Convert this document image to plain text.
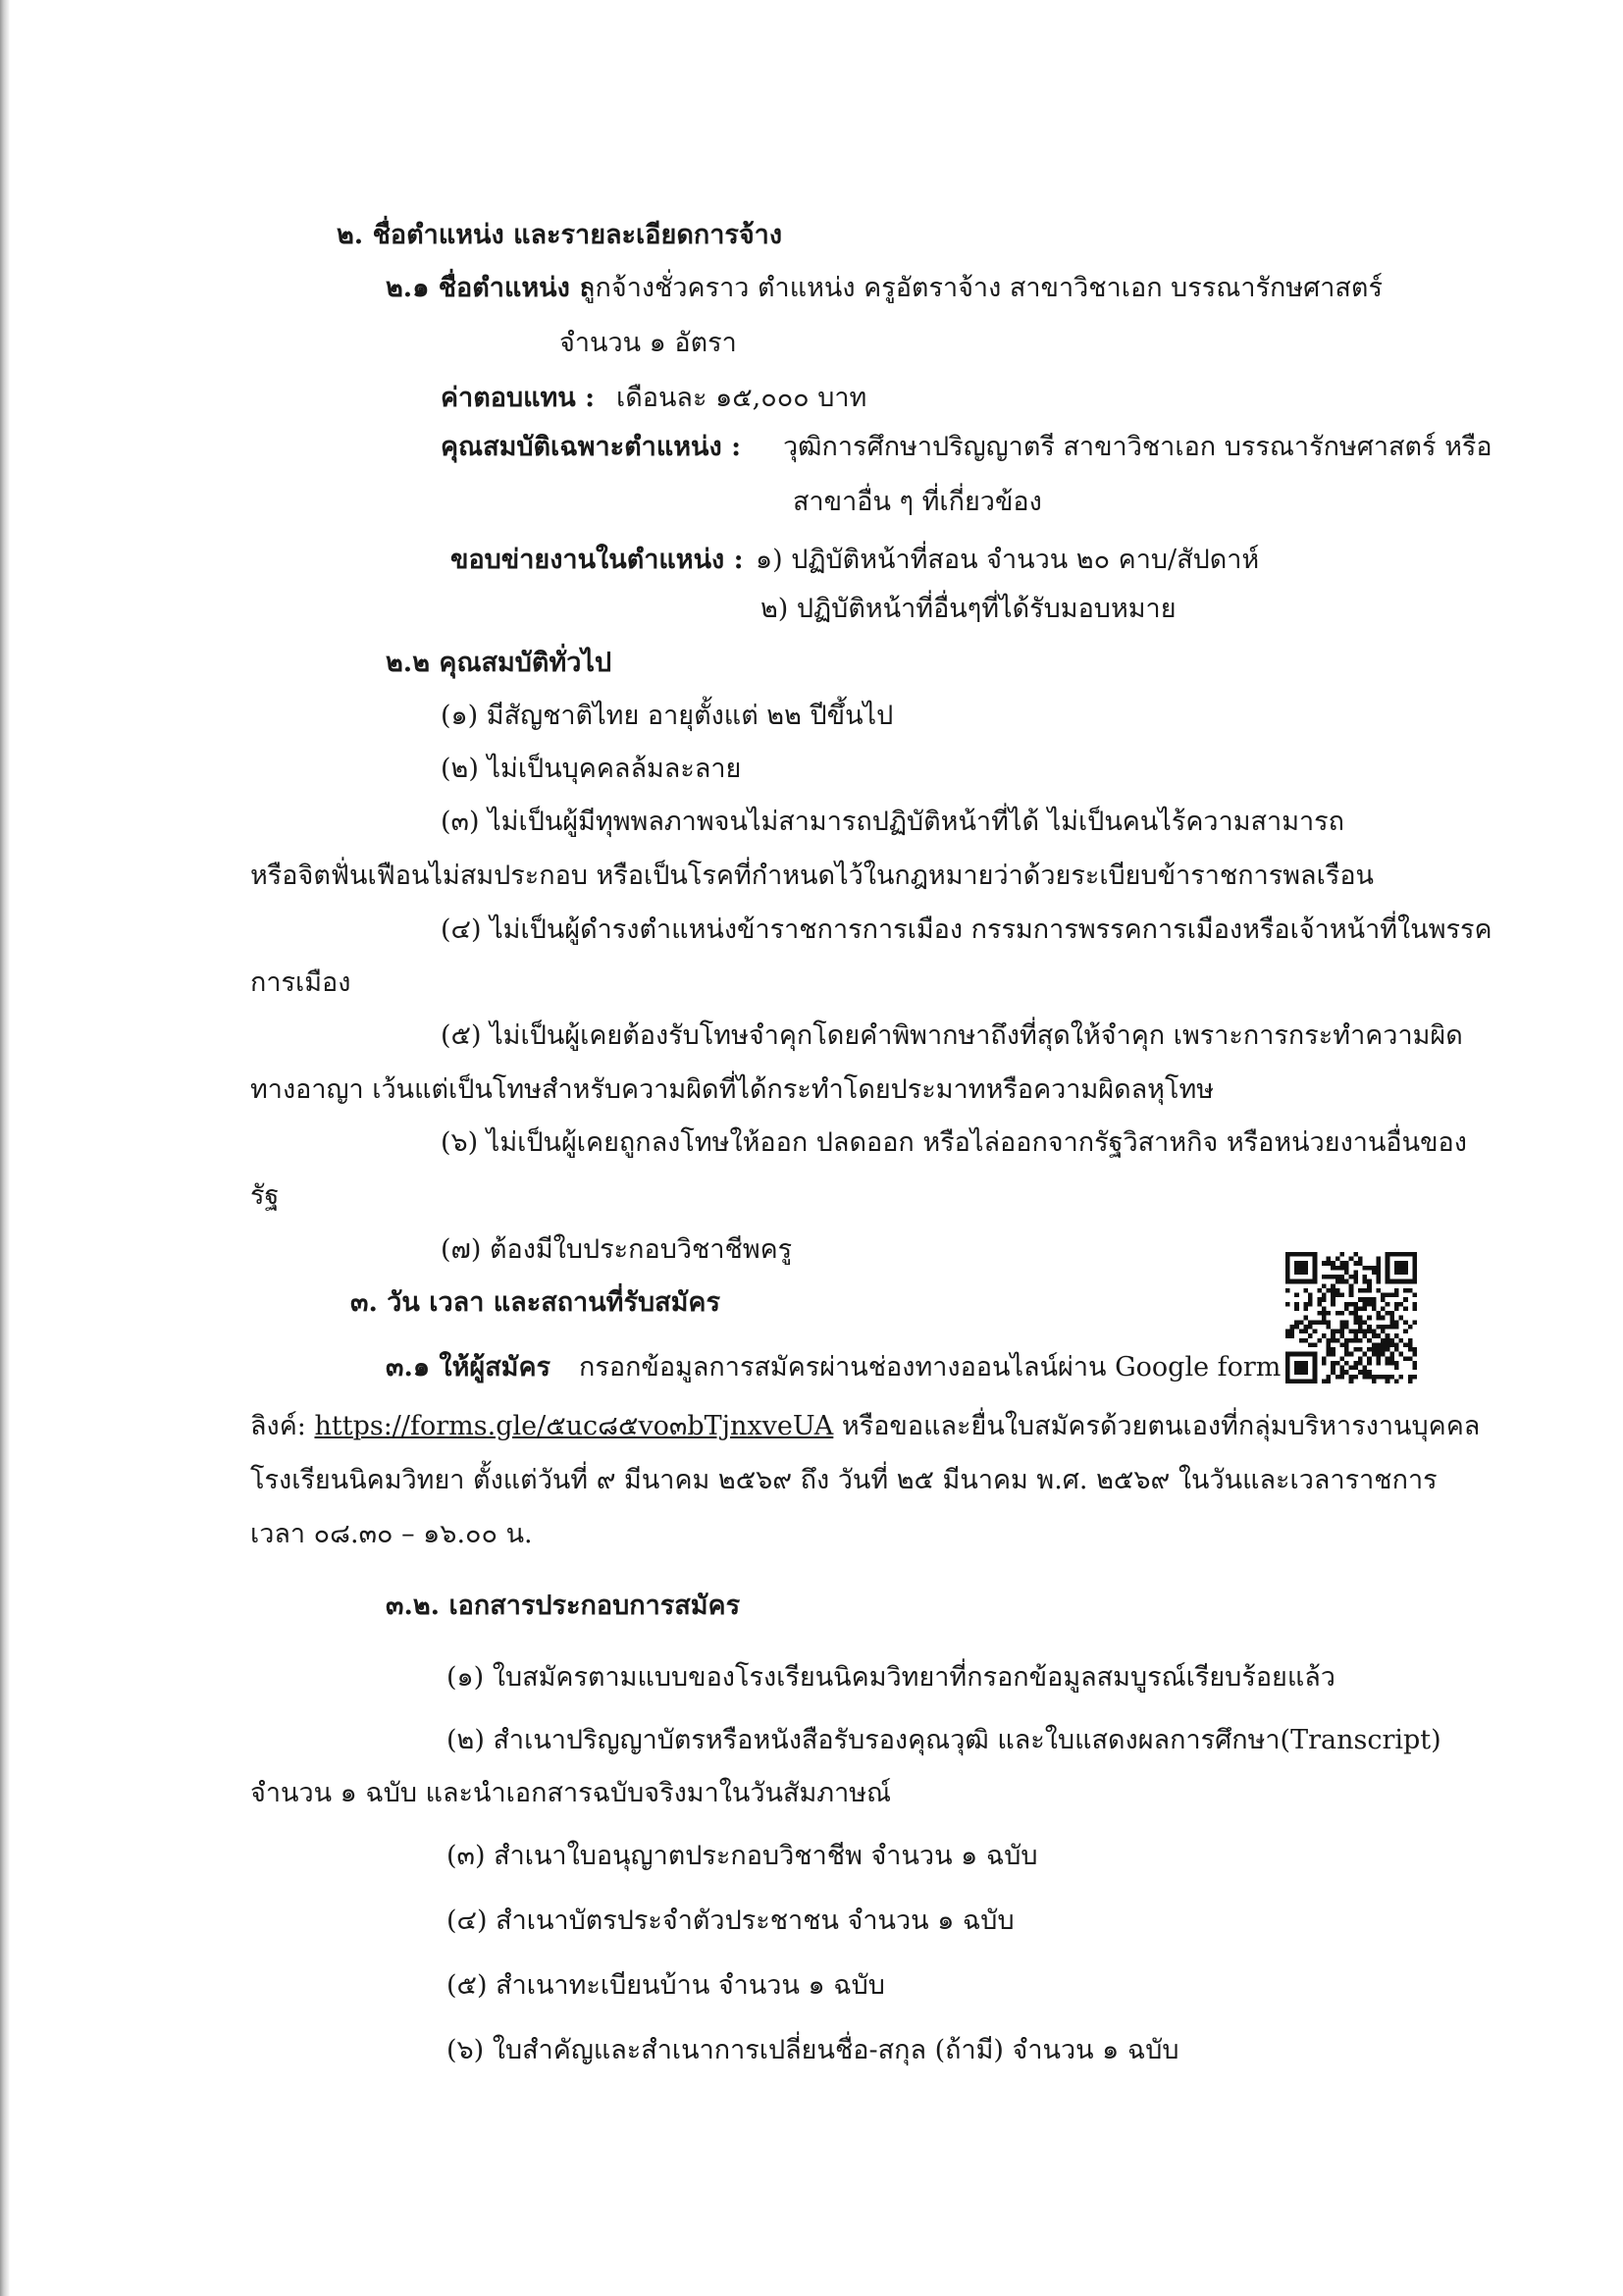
๒. ชื่อตำแหน่ง และรายละเอียดการจ้าง
๒.๑ ชื่อตำแหน่ง :
ลูกจ้างชั่วคราว ตำแหน่ง ครูอัตราจ้าง สาขาวิชาเอก บรรณารักษศาสตร์
จำนวน ๑ อัตรา
ค่าตอบแทน : เดือนละ ๑๕,๐๐๐ บาท
คุณสมบัติเฉพาะตำแหน่ง : วุฒิการศึกษาปริญญาตรี สาขาวิชาเอก บรรณารักษศาสตร์ หรือ
สาขาอื่น ๆ ที่เกี่ยวข้อง
ขอบข่ายงานในตำแหน่ง : ๑) ปฏิบัติหน้าที่สอน จำนวน ๒๐ คาบ/สัปดาห์
๒) ปฏิบัติหน้าที่อื่นๆที่ได้รับมอบหมาย
๒.๒ คุณสมบัติทั่วไป
(๑) มีสัญชาติไทย อายุตั้งแต่ ๒๒ ปีขึ้นไป
(๒) ไม่เป็นบุคคลล้มละลาย
(๓) ไม่เป็นผู้มีทุพพลภาพจนไม่สามารถปฏิบัติหน้าที่ได้ ไม่เป็นคนไร้ความสามารถ
หรือจิตฟั่นเฟือนไม่สมประกอบ หรือเป็นโรคที่กำหนดไว้ในกฎหมายว่าด้วยระเบียบข้าราชการพลเรือน
(๔) ไม่เป็นผู้ดำรงตำแหน่งข้าราชการการเมือง กรรมการพรรคการเมืองหรือเจ้าหน้าที่ในพรรค
การเมือง
(๕) ไม่เป็นผู้เคยต้องรับโทษจำคุกโดยคำพิพากษาถึงที่สุดให้จำคุก เพราะการกระทำความผิด
ทางอาญา เว้นแต่เป็นโทษสำหรับความผิดที่ได้กระทำโดยประมาทหรือความผิดลหุโทษ
(๖) ไม่เป็นผู้เคยถูกลงโทษให้ออก ปลดออก หรือไล่ออกจากรัฐวิสาหกิจ หรือหน่วยงานอื่นของ
รัฐ
(๗) ต้องมีใบประกอบวิชาชีพครู
๓. วัน เวลา และสถานที่รับสมัคร
๓.๑ ให้ผู้สมัคร กรอกข้อมูลการสมัครผ่านช่องทางออนไลน์ผ่าน Google form
ลิงค์: https://forms.gle/๕uc๘๕vo๓bTjnxveUA หรือขอและยื่นใบสมัครด้วยตนเองที่กลุ่มบริหารงานบุคคล
โรงเรียนนิคมวิทยา ตั้งแต่วันที่ ๙ มีนาคม ๒๕๖๙ ถึง วันที่ ๒๕ มีนาคม พ.ศ. ๒๕๖๙ ในวันและเวลาราชการ
เวลา ๐๘.๓๐ – ๑๖.๐๐ น.
๓.๒. เอกสารประกอบการสมัคร
(๑) ใบสมัครตามแบบของโรงเรียนนิคมวิทยาที่กรอกข้อมูลสมบูรณ์เรียบร้อยแล้ว
(๒) สำเนาปริญญาบัตรหรือหนังสือรับรองคุณวุฒิ และใบแสดงผลการศึกษา(Transcript)
จำนวน ๑ ฉบับ และนำเอกสารฉบับจริงมาในวันสัมภาษณ์
(๓) สำเนาใบอนุญาตประกอบวิชาชีพ จำนวน ๑ ฉบับ
(๔) สำเนาบัตรประจำตัวประชาชน จำนวน ๑ ฉบับ
(๕) สำเนาทะเบียนบ้าน จำนวน ๑ ฉบับ
(๖) ใบสำคัญและสำเนาการเปลี่ยนชื่อ-สกุล (ถ้ามี) จำนวน ๑ ฉบับ
